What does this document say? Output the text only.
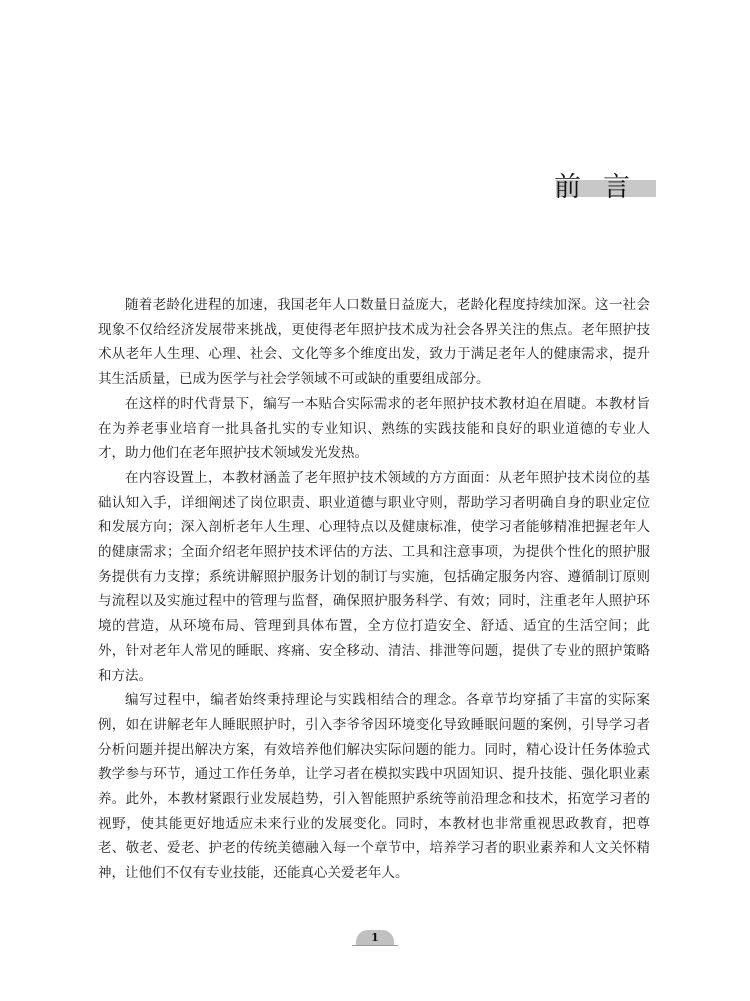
前言

随着老龄化进程的加速，我国老年人口数量日益庞大，老龄化程度持续加深。这一社会现象不仅给经济发展带来挑战，更使得老年照护技术成为社会各界关注的焦点。老年照护技术从老年人生理、心理、社会、文化等多个维度出发，致力于满足老年人的健康需求，提升其生活质量，已成为医学与社会学领域不可或缺的重要组成部分。

在这样的时代背景下，编写一本贴合实际需求的老年照护技术教材迫在眉睫。本教材旨在为养老事业培育一批具备扎实的专业知识、熟练的实践技能和良好的职业道德的专业人才，助力他们在老年照护技术领域发光发热。

在内容设置上，本教材涵盖了老年照护技术领域的方方面面：从老年照护技术岗位的基础认知入手，详细阐述了岗位职责、职业道德与职业守则，帮助学习者明确自身的职业定位和发展方向；深入剖析老年人生理、心理特点以及健康标准，使学习者能够精准把握老年人的健康需求；全面介绍老年照护技术评估的方法、工具和注意事项，为提供个性化的照护服务提供有力支撑；系统讲解照护服务计划的制订与实施，包括确定服务内容、遵循制订原则与流程以及实施过程中的管理与监督，确保照护服务科学、有效；同时，注重老年人照护环境的营造，从环境布局、管理到具体布置，全方位打造安全、舒适、适宜的生活空间；此外，针对老年人常见的睡眠、疼痛、安全移动、清洁、排泄等问题，提供了专业的照护策略和方法。

编写过程中，编者始终秉持理论与实践相结合的理念。各章节均穿插了丰富的实际案例，如在讲解老年人睡眠照护时，引入李爷爷因环境变化导致睡眠问题的案例，引导学习者分析问题并提出解决方案，有效培养他们解决实际问题的能力。同时，精心设计任务体验式教学参与环节，通过工作任务单，让学习者在模拟实践中巩固知识、提升技能、强化职业素养。此外，本教材紧跟行业发展趋势，引入智能照护系统等前沿理念和技术，拓宽学习者的视野，使其能更好地适应未来行业的发展变化。同时，本教材也非常重视思政教育，把尊老、敬老、爱老、护老的传统美德融入每一个章节中，培养学习者的职业素养和人文关怀精神，让他们不仅有专业技能，还能真心关爱老年人。

1
